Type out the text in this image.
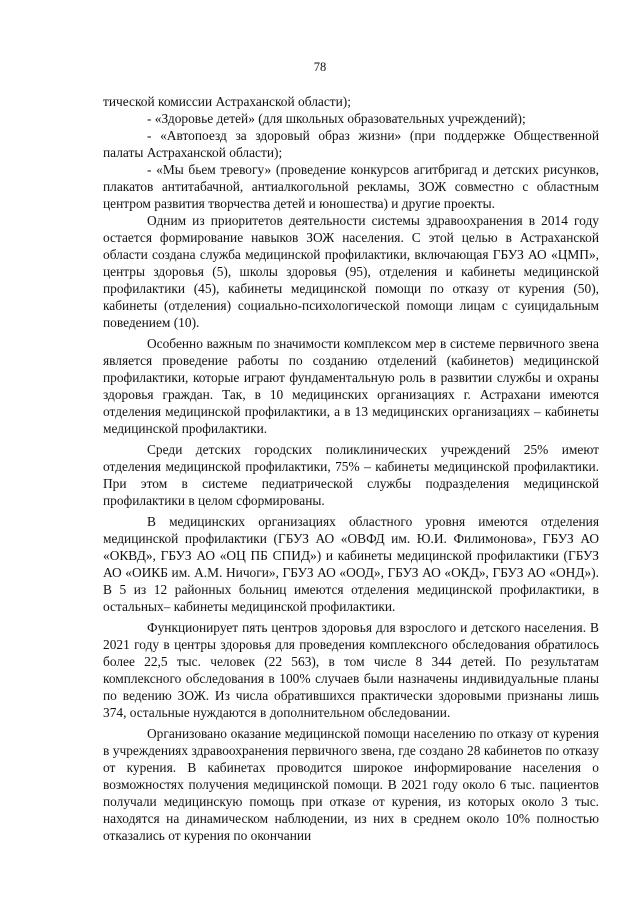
78

тической комиссии Астраханской области);

- «Здоровье детей» (для школьных образовательных учреждений);

- «Автопоезд за здоровый образ жизни» (при поддержке Общественной палаты Астраханской области);

- «Мы бьем тревогу» (проведение конкурсов агитбригад и детских рисунков, плакатов антитабачной, антиалкогольной рекламы, ЗОЖ совместно с областным центром развития творчества детей и юношества) и другие проекты.

Одним из приоритетов деятельности системы здравоохранения в 2014 году остается формирование навыков ЗОЖ населения. С этой целью в Астраханской области создана служба медицинской профилактики, включающая ГБУЗ АО «ЦМП», центры здоровья (5), школы здоровья (95), отделения и кабинеты медицинской профилактики (45), кабинеты медицинской помощи по отказу от курения (50), кабинеты (отделения) социально-психологической помощи лицам с суицидальным поведением (10).

Особенно важным по значимости комплексом мер в системе первичного звена является проведение работы по созданию отделений (кабинетов) медицинской профилактики, которые играют фундаментальную роль в развитии службы и охраны здоровья граждан. Так, в 10 медицинских организациях г. Астрахани имеются отделения медицинской профилактики, а в 13 медицинских организациях – кабинеты медицинской профилактики.

Среди детских городских поликлинических учреждений 25% имеют отделения медицинской профилактики, 75% – кабинеты медицинской профилактики. При этом в системе педиатрической службы подразделения медицинской профилактики в целом сформированы.

В медицинских организациях областного уровня имеются отделения медицинской профилактики (ГБУЗ АО «ОВФД им. Ю.И. Филимонова», ГБУЗ АО «ОКВД», ГБУЗ АО «ОЦ ПБ СПИД») и кабинеты медицинской профилактики (ГБУЗ АО «ОИКБ им. А.М. Ничоги», ГБУЗ АО «ООД», ГБУЗ АО «ОКД», ГБУЗ АО «ОНД»). В 5 из 12 районных больниц имеются отделения медицинской профилактики, в остальных– кабинеты медицинской профилактики.

Функционирует пять центров здоровья для взрослого и детского населения. В 2021 году в центры здоровья для проведения комплексного обследования обратилось более 22,5 тыс. человек (22 563), в том числе 8 344 детей. По результатам комплексного обследования в 100% случаев были назначены индивидуальные планы по ведению ЗОЖ. Из числа обратившихся практически здоровыми признаны лишь 374, остальные нуждаются в дополнительном обследовании.

Организовано оказание медицинской помощи населению по отказу от курения в учреждениях здравоохранения первичного звена, где создано 28 кабинетов по отказу от курения. В кабинетах проводится широкое информирование населения о возможностях получения медицинской помощи. В 2021 году около 6 тыс. пациентов получали медицинскую помощь при отказе от курения, из которых около 3 тыс. находятся на динамическом наблюдении, из них в среднем около 10% полностью отказались от курения по окончании
